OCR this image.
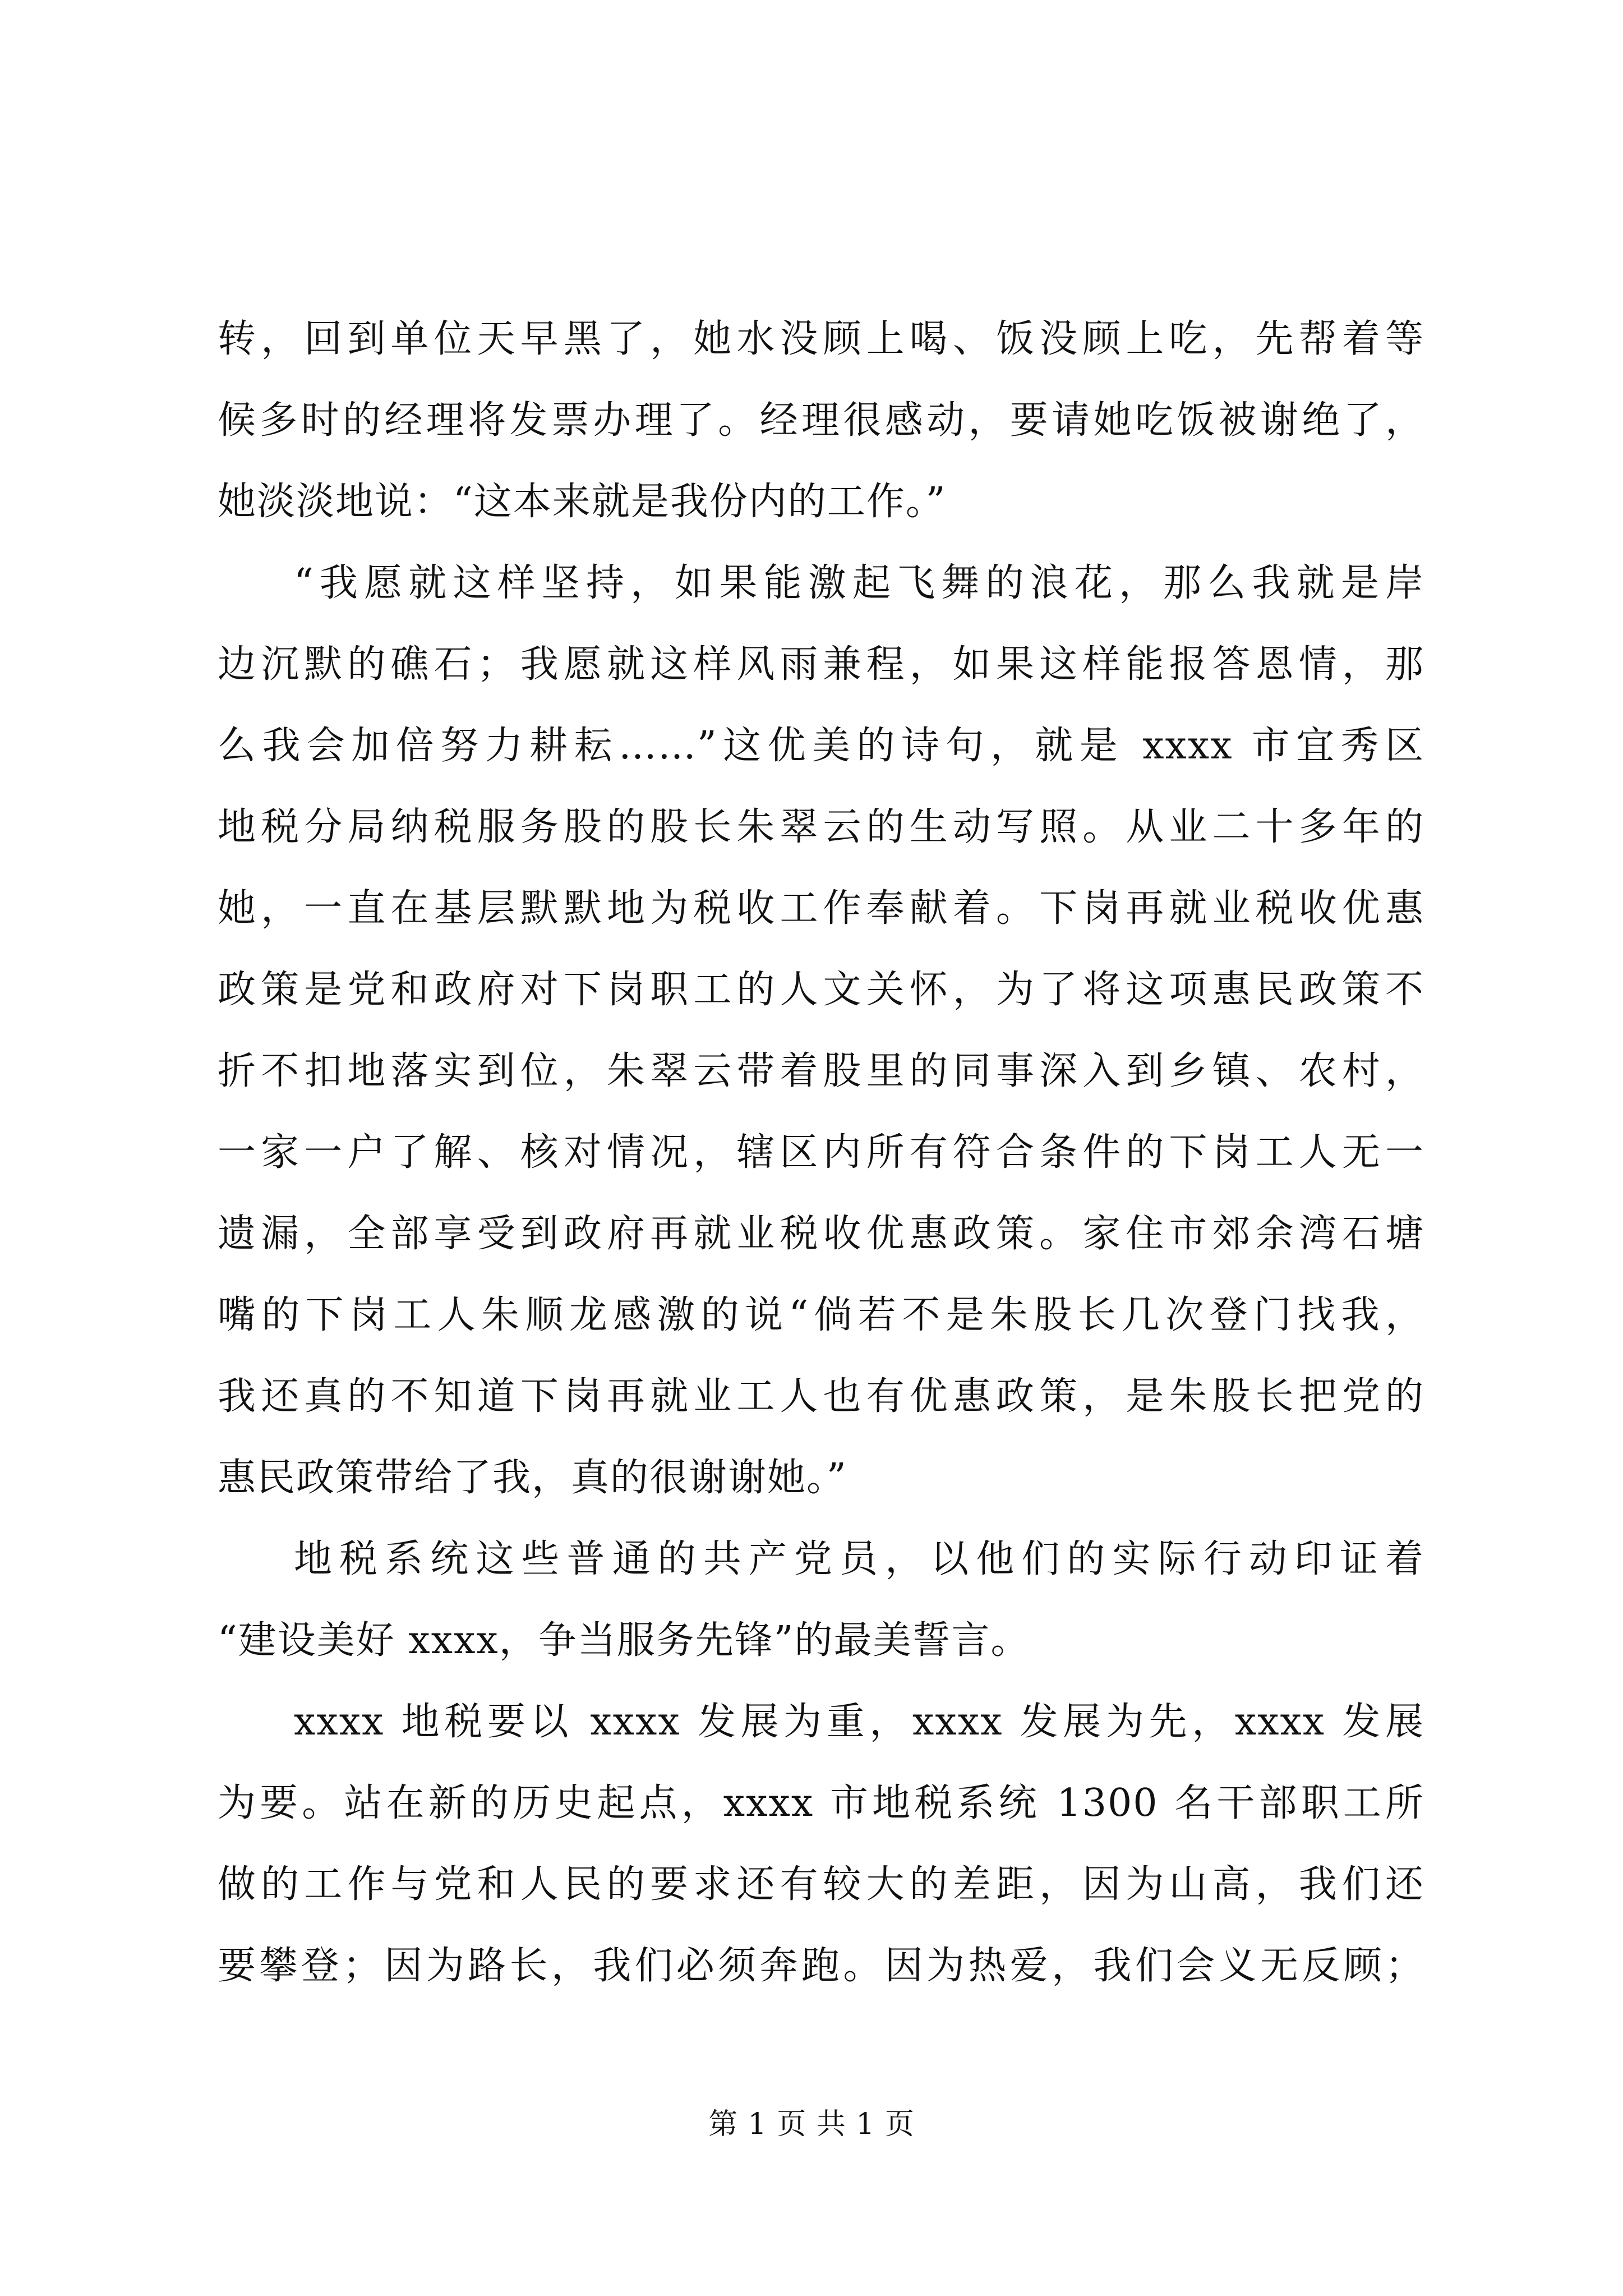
转，回到单位天早黑了，她水没顾上喝、饭没顾上吃，先帮着等
候多时的经理将发票办理了。经理很感动，要请她吃饭被谢绝了，
她淡淡地说：“这本来就是我份内的工作。”
“我愿就这样坚持，如果能激起飞舞的浪花，那么我就是岸
边沉默的礁石；我愿就这样风雨兼程，如果这样能报答恩情，那
么我会加倍努力耕耘……”这优美的诗句，就是 xxxx 市宜秀区
地税分局纳税服务股的股长朱翠云的生动写照。从业二十多年的
她，一直在基层默默地为税收工作奉献着。下岗再就业税收优惠
政策是党和政府对下岗职工的人文关怀，为了将这项惠民政策不
折不扣地落实到位，朱翠云带着股里的同事深入到乡镇、农村，
一家一户了解、核对情况，辖区内所有符合条件的下岗工人无一
遗漏，全部享受到政府再就业税收优惠政策。家住市郊余湾石塘
嘴的下岗工人朱顺龙感激的说“倘若不是朱股长几次登门找我，
我还真的不知道下岗再就业工人也有优惠政策，是朱股长把党的
惠民政策带给了我，真的很谢谢她。”
地税系统这些普通的共产党员，以他们的实际行动印证着
“建设美好 xxxx，争当服务先锋”的最美誓言。
xxxx 地税要以 xxxx 发展为重，xxxx 发展为先，xxxx 发展
为要。站在新的历史起点，xxxx 市地税系统 1300 名干部职工所
做的工作与党和人民的要求还有较大的差距，因为山高，我们还
要攀登；因为路长，我们必须奔跑。因为热爱，我们会义无反顾；
第 1 页 共 1 页
